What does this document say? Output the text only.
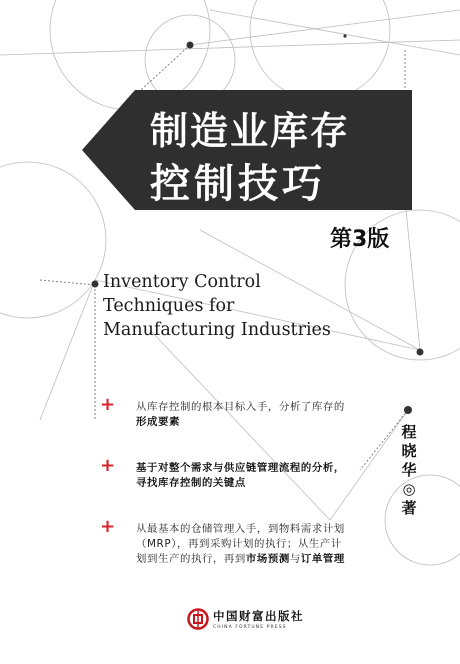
制造业库存
控制技巧
第3版
Inventory Control
Techniques for
Manufacturing Industries
+ 从库存控制的根本目标入手，分析了库存的形成要素
+ 基于对整个需求与供应链管理流程的分析，寻找库存控制的关键点
+ 从最基本的仓储管理入手，到物料需求计划（MRP），再到采购计划的执行；从生产计划到生产的执行，再到市场预测与订单管理
程
晓
华
◎
著
中国财富出版社
CHINA FORTUNE PRESS
